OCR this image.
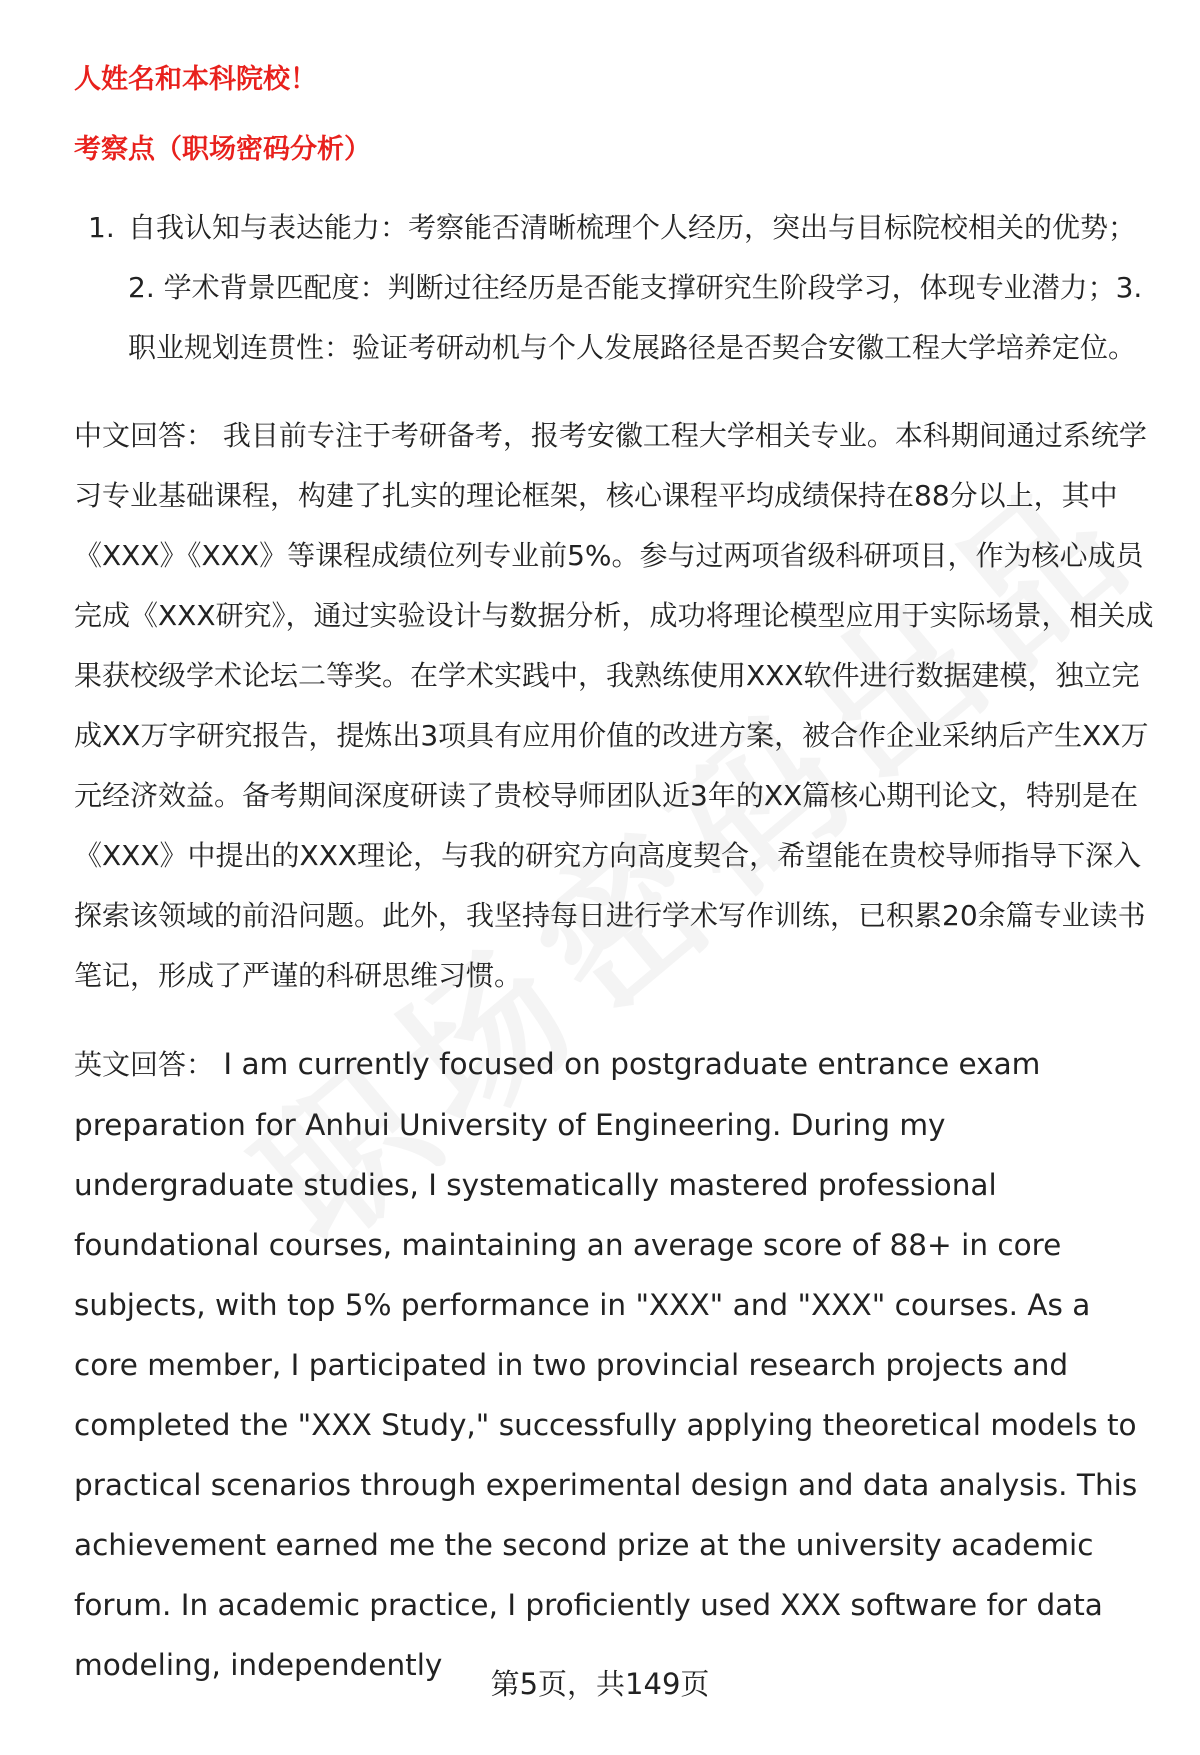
人姓名和本科院校！

考察点（职场密码分析）

1. 自我认知与表达能力：考察能否清晰梳理个人经历，突出与目标院校相关的优势；2. 学术背景匹配度：判断过往经历是否能支撑研究生阶段学习，体现专业潜力；3. 职业规划连贯性：验证考研动机与个人发展路径是否契合安徽工程大学培养定位。

中文回答： 我目前专注于考研备考，报考安徽工程大学相关专业。本科期间通过系统学习专业基础课程，构建了扎实的理论框架，核心课程平均成绩保持在88分以上，其中《XXX》《XXX》等课程成绩位列专业前5%。参与过两项省级科研项目，作为核心成员完成《XXX研究》，通过实验设计与数据分析，成功将理论模型应用于实际场景，相关成果获校级学术论坛二等奖。在学术实践中，我熟练使用XXX软件进行数据建模，独立完成XX万字研究报告，提炼出3项具有应用价值的改进方案，被合作企业采纳后产生XX万元经济效益。备考期间深度研读了贵校导师团队近3年的XX篇核心期刊论文，特别是在《XXX》中提出的XXX理论，与我的研究方向高度契合，希望能在贵校导师指导下深入探索该领域的前沿问题。此外，我坚持每日进行学术写作训练，已积累20余篇专业读书笔记，形成了严谨的科研思维习惯。

英文回答： I am currently focused on postgraduate entrance exam preparation for Anhui University of Engineering. During my undergraduate studies, I systematically mastered professional foundational courses, maintaining an average score of 88+ in core subjects, with top 5% performance in "XXX" and "XXX" courses. As a core member, I participated in two provincial research projects and completed the "XXX Study," successfully applying theoretical models to practical scenarios through experimental design and data analysis. This achievement earned me the second prize at the university academic forum. In academic practice, I proficiently used XXX software for data modeling, independently

第5页，共149页
